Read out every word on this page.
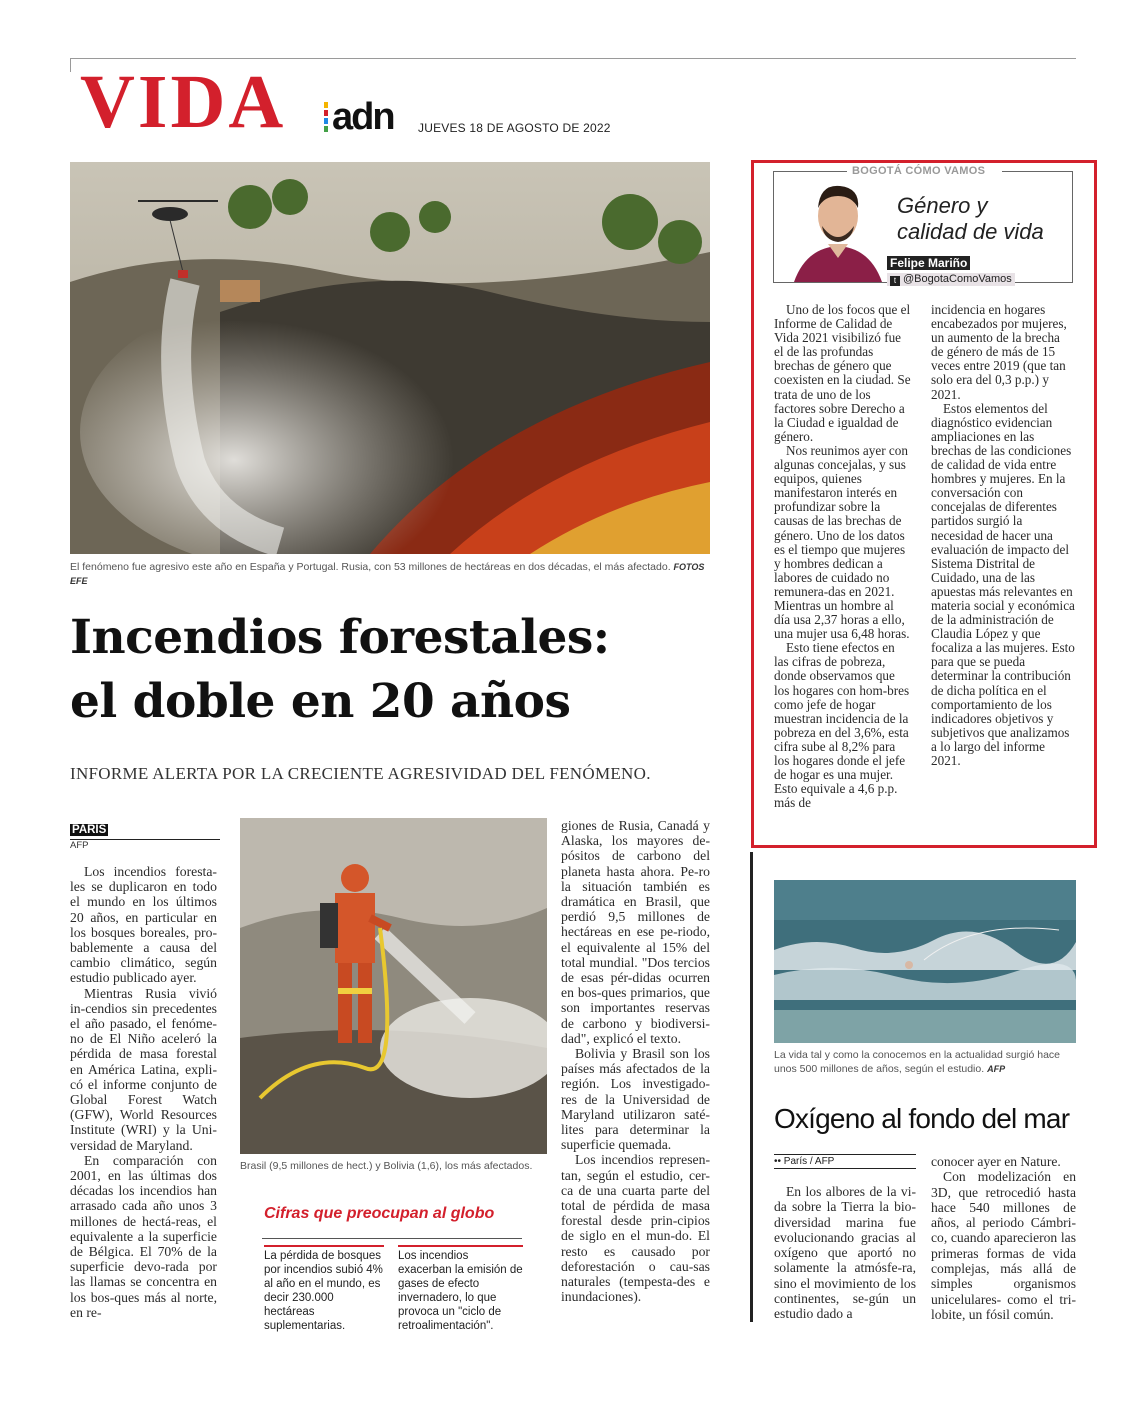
VIDA adn JUEVES 18 DE AGOSTO DE 2022
El fenómeno fue agresivo este año en España y Portugal. Rusia, con 53 millones de hectáreas en dos décadas, el más afectado. FOTOS EFE
Incendios forestales:
el doble en 20 años
INFORME ALERTA POR LA CRECIENTE AGRESIVIDAD DEL FENÓMENO.
PARÍS
AFP

Los incendios foresta-les se duplicaron en todo el mundo en los últimos 20 años, en particular en los bosques boreales, pro-bablemente a causa del cambio climático, según estudio publicado ayer.

Mientras Rusia vivió in-cendios sin precedentes el año pasado, el fenóme-no de El Niño aceleró la pérdida de masa forestal en América Latina, expli-có el informe conjunto de Global Forest Watch (GFW), World Resources Institute (WRI) y la Uni-versidad de Maryland.

En comparación con 2001, en las últimas dos décadas los incendios han arrasado cada año unos 3 millones de hectá-reas, el equivalente a la superficie de Bélgica. El 70% de la superficie devo-rada por las llamas se concentra en los bos-ques más al norte, en re-

Brasil (9,5 millones de hect.) y Bolivia (1,6), los más afectados.
Cifras que preocupan al globo
La pérdida de bosques por incendios subió 4% al año en el mundo, es decir 230.000 hectáreas suplementarias.
Los incendios exacerban la emisión de gases de efecto invernadero, lo que provoca un "ciclo de retroalimentación".

giones de Rusia, Canadá y Alaska, los mayores de-pósitos de carbono del planeta hasta ahora. Pe-ro la situación también es dramática en Brasil, que perdió 9,5 millones de hectáreas en ese pe-riodo, el equivalente al 15% del total mundial. "Dos tercios de esas pér-didas ocurren en bos-ques primarios, que son importantes reservas de carbono y biodiversi-dad", explicó el texto.

Bolivia y Brasil son los países más afectados de la región. Los investigado-res de la Universidad de Maryland utilizaron saté-lites para determinar la superficie quemada.

Los incendios represen-tan, según el estudio, cer-ca de una cuarta parte del total de pérdida de masa forestal desde prin-cipios de siglo en el mun-do. El resto es causado por deforestación o cau-sas naturales (tempesta-des e inundaciones).

BOGOTÁ CÓMO VAMOS
Género y
calidad de vida
Felipe Mariño
t @BogotaComoVamos

Uno de los focos que el Informe de Calidad de Vida 2021 visibilizó fue el de las profundas brechas de género que coexisten en la ciudad. Se trata de uno de los factores sobre Derecho a la Ciudad e igualdad de género.

Nos reunimos ayer con algunas concejalas, y sus equipos, quienes manifestaron interés en profundizar sobre la causas de las brechas de género. Uno de los datos es el tiempo que mujeres y hombres dedican a labores de cuidado no remunera-das en 2021. Mientras un hombre al día usa 2,37 horas a ello, una mujer usa 6,48 horas.

Esto tiene efectos en las cifras de pobreza, donde observamos que los hogares con hom-bres como jefe de hogar muestran incidencia de la pobreza en del 3,6%, esta cifra sube al 8,2% para los hogares donde el jefe de hogar es una mujer. Esto equivale a 4,6 p.p. más de

incidencia en hogares encabezados por mujeres, un aumento de la brecha de género de más de 15 veces entre 2019 (que tan solo era del 0,3 p.p.) y 2021.

Estos elementos del diagnóstico evidencian ampliaciones en las brechas de las condiciones de calidad de vida entre hombres y mujeres. En la conversación con concejalas de diferentes partidos surgió la necesidad de hacer una evaluación de impacto del Sistema Distrital de Cuidado, una de las apuestas más relevantes en materia social y económica de la administración de Claudia López y que focaliza a las mujeres. Esto para que se pueda determinar la contribución de dicha política en el comportamiento de los indicadores objetivos y subjetivos que analizamos a lo largo del informe 2021.

La vida tal y como la conocemos en la actualidad surgió hace unos 500 millones de años, según el estudio. AFP
Oxígeno al fondo del mar
•• París / AFP

En los albores de la vi-da sobre la Tierra la bio-diversidad marina fue evolucionando gracias al oxígeno que aportó no solamente la atmósfe-ra, sino el movimiento de los continentes, se-gún un estudio dado a

conocer ayer en Nature.

Con modelización en 3D, que retrocedió hasta hace 540 millones de años, al periodo Cámbri-co, cuando aparecieron las primeras formas de vida complejas, más allá de simples organismos unicelulares- como el tri-lobite, un fósil común.
